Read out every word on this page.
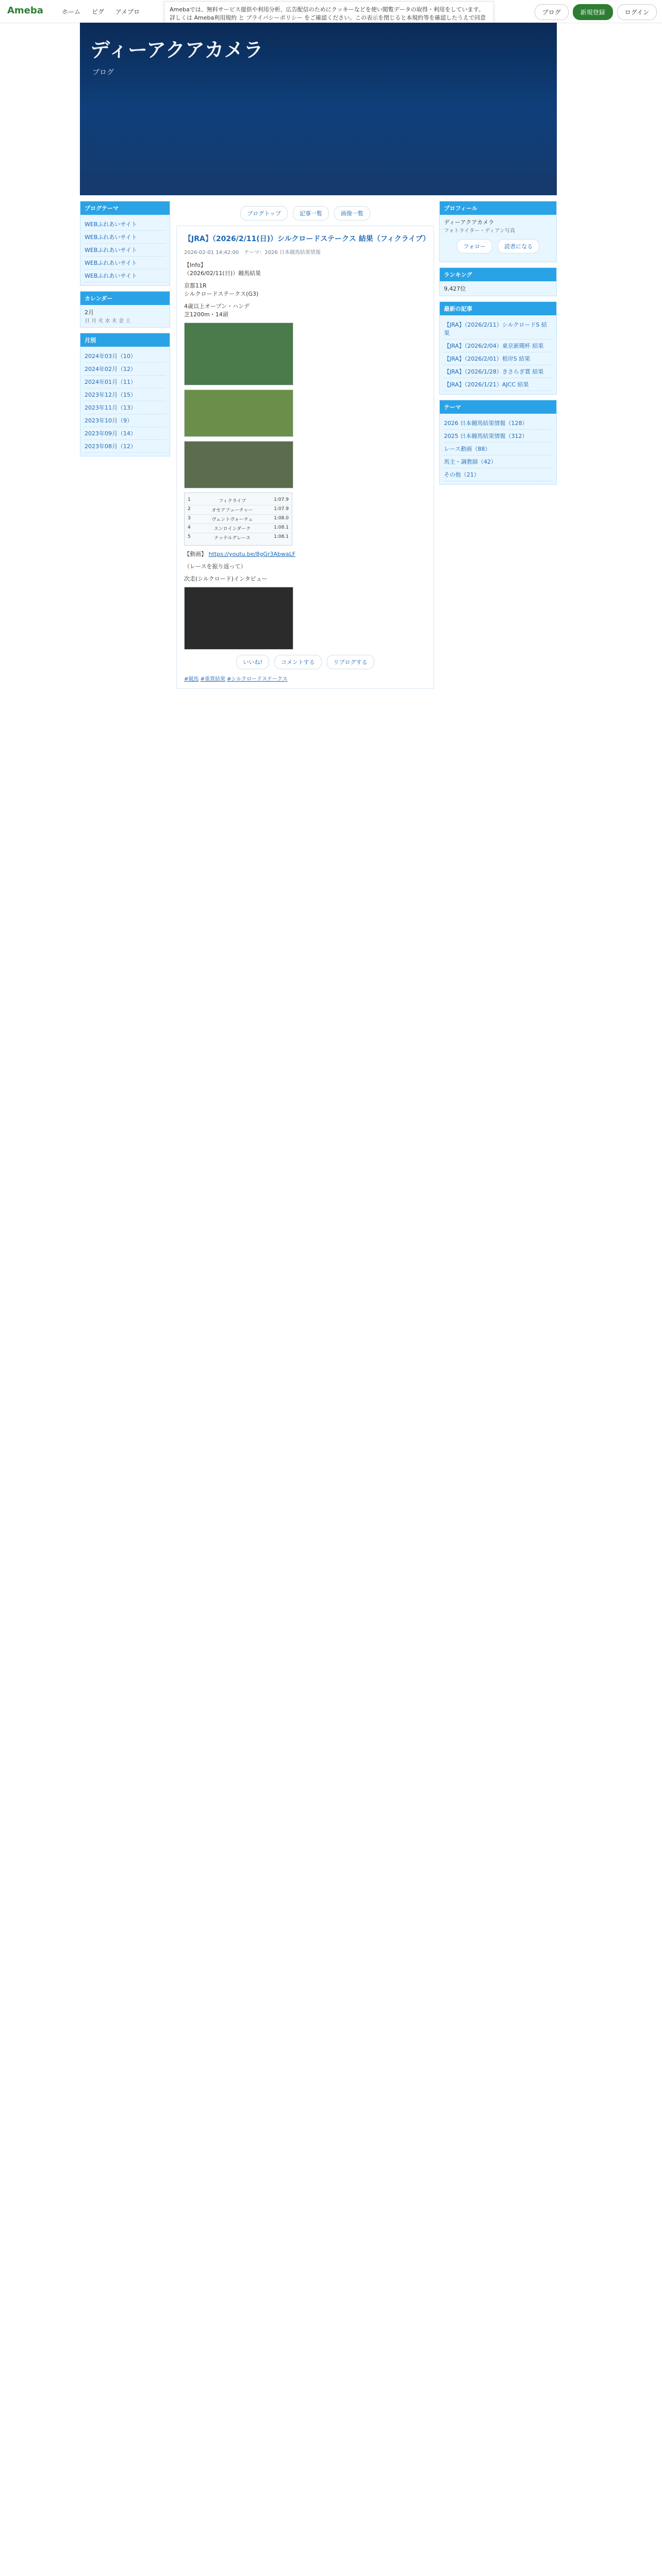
Ameba	ホーム ピグ アメブロ	ブログ	新規登録	ログイン
Amebaでは、無料サービス提供や利用分析、広告配信のためにクッキーなどを使い閲覧データの取得・利用をしています。詳しくは Ameba利用規約 と プライバシーポリシー をご確認ください。この表示を閉じると本規約等を確認したうえで同意
ディーアクアカメラ
ブログ
ブログテーマ
WEBふれあいサイト
WEBふれあいサイト
WEBふれあいサイト
WEBふれあいサイト
WEBふれあいサイト
カレンダー
2月
日 月 火 水 木 金 土
月別
2024年03月（10）
2024年02月（12）
2024年01月（11）
2023年12月（15）
2023年11月（13）
2023年10月（9）
2023年09月（14）
2023年08月（12）
ブログトップ	記事一覧	画像一覧
【JRA】（2026/2/11(日)）シルクロードステークス 結果（フィクライブ）
2026-02-01 14:42:00　テーマ：2026 日本競馬結果情報
【Info】
（2026/02/11(日)）競馬結果
京都11R
シルクロードステークス(G3)
4歳以上オープン・ハンデ
芝1200m・14頭
1	フィクライブ	1:07.9
2	オセアフューチャー	1:07.9
3	ヴェントヴォーチェ	1:08.0
4	スンロインダーク	1:08.1
5	ナッテルグレース	1:08.1
【動画】 https://youtu.be/8gGr3AbwaLF
（レースを振り返って）
次走(シルクロード)インタビュー
いいね!	コメントする	リブログする
#競馬 #重賞結果 #シルクロードステークス
プロフィール
ディーアクアカメラ
フォトライター・ディアン写真
フォロー	読者になる
ランキング
9,427位
最新の記事
【JRA】（2026/2/11）シルクロードS 結果
【JRA】（2026/2/04）東京新聞杯 結果
【JRA】（2026/2/01）根岸S 結果
【JRA】（2026/1/28）きさらぎ賞 結果
【JRA】（2026/1/21）AJCC 結果
テーマ
2026 日本競馬結果情報（128）
2025 日本競馬結果情報（312）
レース動画（88）
馬主・調教師（42）
その他（21）
